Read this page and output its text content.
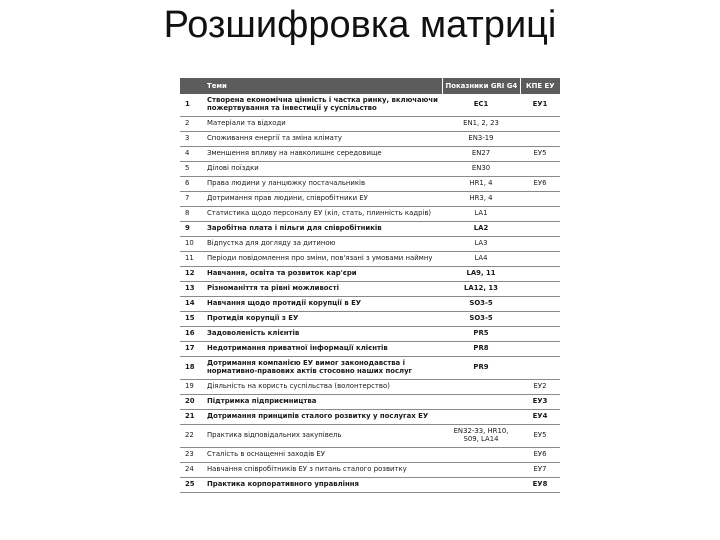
Розшифровка матриці
	Теми	Показники GRI G4	КПЕ ЕУ
1	Створена економічна цінність і частка ринку, включаючи пожертвування та інвестиції у суспільство	EC1	ЕУ1
2	Матеріали та відходи	EN1, 2, 23	
3	Споживання енергії та зміна клімату	EN3-19	
4	Зменшення впливу на навколишнє середовище	EN27	ЕУ5
5	Ділові поїздки	EN30	
6	Права людини у ланцюжку постачальників	HR1, 4	ЕУ6
7	Дотримання прав людини, співробітники ЕУ	HR3, 4	
8	Статистика щодо персоналу ЕУ (кіл, стать, плинність кадрів)	LA1	
9	Заробітна плата і пільги для співробітників	LA2	
10	Відпустка для догляду за дитиною	LA3	
11	Періоди повідомлення про зміни, пов'язані з умовами наймну	LA4	
12	Навчання, освіта та розвиток кар'єри	LA9, 11	
13	Різноманіття та рівні можливості	LA12, 13	
14	Навчання щодо протидії корупції в ЕУ	SO3-5	
15	Протидія корупції з ЕУ	SO3-5	
16	Задоволеність клієнтів	PR5	
17	Недотримання приватної інформації клієнтів	PR8	
18	Дотримання компанією ЕУ вимог законодавства і нормативно-правових актів стосовно наших послуг	PR9	
19	Діяльність на користь суспільства (волонтерство)		ЕУ2
20	Підтримка підприємництва		ЕУ3
21	Дотримання принципів сталого розвитку у послугах ЕУ		ЕУ4
22	Практика відповідальних закупівель	EN32-33, HR10, S09, LA14	ЕУ5
23	Сталість в оснащенні заходів ЕУ		ЕУ6
24	Навчання співробітників ЕУ з питань сталого розвитку		ЕУ7
25	Практика корпоративного управління		ЕУ8
